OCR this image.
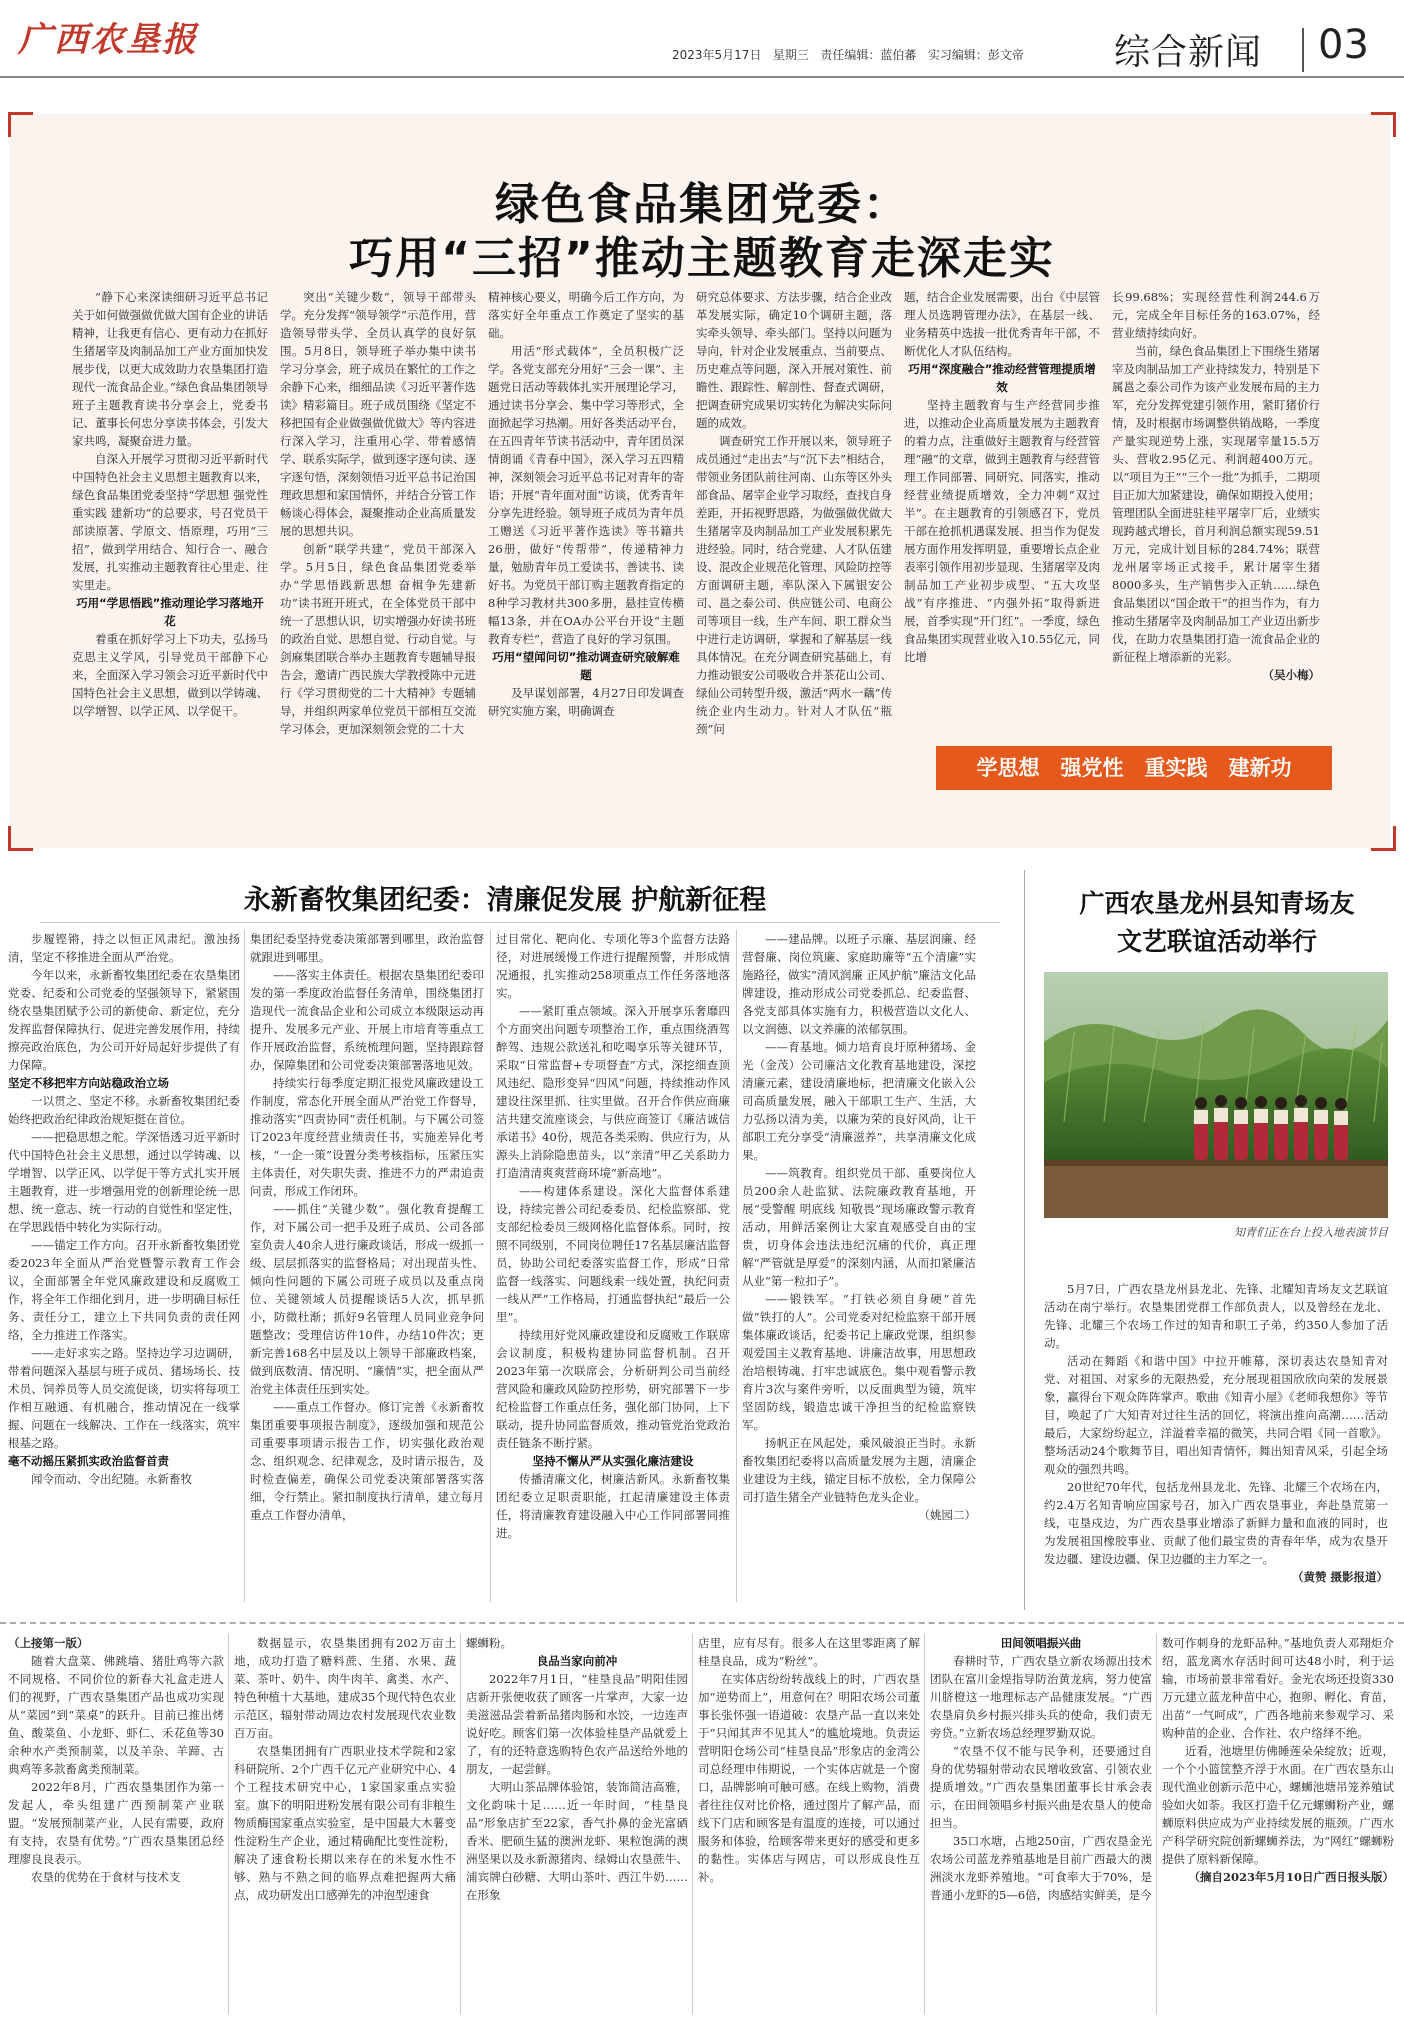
广西农垦报	2023年5月17日 星期三 责任编辑：蓝伯蕃 实习编辑：彭文帝	综合新闻 03
绿色食品集团党委：
巧用“三招”推动主题教育走深走实

“静下心来深读细研习近平总书记关于如何做强做优做大国有企业的讲话精神，让我更有信心、更有动力在抓好生猪屠宰及肉制品加工产业方面加快发展步伐，以更大成效助力农垦集团打造现代一流食品企业。”绿色食品集团领导班子主题教育读书分享会上，党委书记、董事长何忠分享读书体会，引发大家共鸣，凝聚奋进力量。

自深入开展学习贯彻习近平新时代中国特色社会主义思想主题教育以来，绿色食品集团党委坚持“学思想 强党性 重实践 建新功”的总要求，号召党员干部读原著、学原文、悟原理，巧用“三招”，做到学用结合、知行合一、融合发展，扎实推动主题教育往心里走、往实里走。

巧用“学思悟践”推动理论学习落地开花

着重在抓好学习上下功夫，弘扬马克思主义学风，引导党员干部静下心来，全面深入学习领会习近平新时代中国特色社会主义思想，做到以学铸魂、以学增智、以学正风、以学促干。

突出“关键少数”，领导干部带头学。充分发挥“领导领学”示范作用，营造领导带头学、全员认真学的良好氛围。5月8日，领导班子举办集中读书学习分享会，班子成员在繁忙的工作之余静下心来，细细品读《习近平著作选读》精彩篇目。班子成员围绕《坚定不移把国有企业做强做优做大》等内容进行深入学习，注重用心学、带着感情学、联系实际学，做到逐字逐句读、逐字逐句悟，深刻领悟习近平总书记治国理政思想和家国情怀，并结合分管工作畅谈心得体会，凝聚推动企业高质量发展的思想共识。

创新“联学共建”，党员干部深入学。5月5日，绿色食品集团党委举办“学思悟践新思想 奋楫争先建新功”读书班开班式，在全体党员干部中统一了思想认识，切实增强办好读书班的政治自觉、思想自觉、行动自觉。与剑麻集团联合举办主题教育专题辅导报告会，邀请广西民族大学教授陈中元进行《学习贯彻党的二十大精神》专题辅导，并组织两家单位党员干部相互交流学习体会，更加深刻领会党的二十大

精神核心要义，明确今后工作方向，为落实好全年重点工作奠定了坚实的基础。

用活“形式载体”，全员积极广泛学。各党支部充分用好“三会一课”、主题党日活动等载体扎实开展理论学习，通过读书分享会、集中学习等形式，全面掀起学习热潮。用好各类活动平台，在五四青年节读书活动中，青年团员深情朗诵《青春中国》，深入学习五四精神，深刻领会习近平总书记对青年的寄语；开展“青年面对面”访谈，优秀青年分享先进经验。领导班子成员为青年员工赠送《习近平著作选读》等书籍共26册，做好“传帮带”，传递精神力量，勉励青年员工爱读书、善读书、读好书。为党员干部订购主题教育指定的8种学习教材共300多册，悬挂宣传横幅13条，并在OA办公平台开设“主题教育专栏”，营造了良好的学习氛围。

巧用“望闻问切”推动调查研究破解难题

及早谋划部署，4月27日印发调查研究实施方案，明确调查

研究总体要求、方法步骤，结合企业改革发展实际，确定10个调研主题，落实牵头领导、牵头部门。坚持以问题为导向，针对企业发展重点、当前要点、历史难点等问题，深入开展对策性、前瞻性、跟踪性、解剖性、督查式调研，把调查研究成果切实转化为解决实际问题的成效。

调查研究工作开展以来，领导班子成员通过“走出去”与“沉下去”相结合，带领业务团队前往河南、山东等区外头部食品、屠宰企业学习取经，查找自身差距，开拓视野思路，为做强做优做大生猪屠宰及肉制品加工产业发展积累先进经验。同时，结合党建、人才队伍建设、混改企业规范化管理、风险防控等方面调研主题，率队深入下属银安公司、邕之泰公司、供应链公司、电商公司等项目一线，生产车间、职工群众当中进行走访调研，掌握和了解基层一线具体情况。在充分调查研究基础上，有力推动银安公司吸收合并茶花山公司、绿仙公司转型升级，激活“两水一藕”传统企业内生动力。针对人才队伍“瓶颈”问

题，结合企业发展需要，出台《中层管理人员选聘管理办法》，在基层一线、业务精英中选拔一批优秀青年干部，不断优化人才队伍结构。

巧用“深度融合”推动经营管理提质增效

坚持主题教育与生产经营同步推进，以推动企业高质量发展为主题教育的着力点，注重做好主题教育与经营管理“融”的文章，做到主题教育与经营管理工作同部署、同研究、同落实，推动经营业绩提质增效，全力冲刺“双过半”。在主题教育的引领感召下，党员干部在抢抓机遇谋发展、担当作为促发展方面作用发挥明显，重要增长点企业表率引领作用初步显现、生猪屠宰及肉制品加工产业初步成型、“五大攻坚战”有序推进、“内强外拓”取得新进展，首季实现“开门红”。一季度，绿色食品集团实现营业收入10.55亿元，同比增

长99.68%；实现经营性利润244.6万元，完成全年目标任务的163.07%，经营业绩持续向好。

当前，绿色食品集团上下围绕生猪屠宰及肉制品加工产业持续发力，特别是下属邕之泰公司作为该产业发展布局的主力军，充分发挥党建引领作用，紧盯猪价行情，及时根据市场调整供销战略，一季度产量实现逆势上涨，实现屠宰量15.5万头、营收2.95亿元、利润超400万元。以“项目为王”“三个一批”为抓手，二期项目正加大加紧建设，确保如期投入使用；管理团队全面进驻桂平屠宰厂后，业绩实现跨越式增长，首月利润总额实现59.51万元，完成计划目标的284.74%；联营龙州屠宰场正式接手，累计屠宰生猪8000多头，生产销售步入正轨……绿色食品集团以“国企敢干”的担当作为，有力推动生猪屠宰及肉制品加工产业迈出新步伐，在助力农垦集团打造一流食品企业的新征程上增添新的光彩。

（吴小梅）

学思想　强党性　重实践　建新功
永新畜牧集团纪委：清廉促发展 护航新征程

步履铿锵，持之以恒正风肃纪。激浊扬清，坚定不移推进全面从严治党。

今年以来，永新畜牧集团纪委在农垦集团党委、纪委和公司党委的坚强领导下，紧紧围绕农垦集团赋予公司的新使命、新定位，充分发挥监督保障执行、促进完善发展作用，持续擦亮政治底色，为公司开好局起好步提供了有力保障。

坚定不移把牢方向站稳政治立场

一以贯之、坚定不移。永新畜牧集团纪委始终把政治纪律政治规矩挺在首位。

——把稳思想之舵。学深悟透习近平新时代中国特色社会主义思想，通过以学铸魂、以学增智、以学正风、以学促干等方式扎实开展主题教育，进一步增强用党的创新理论统一思想、统一意志、统一行动的自觉性和坚定性，在学思践悟中转化为实际行动。

——锚定工作方向。召开永新畜牧集团党委2023年全面从严治党暨警示教育工作会议，全面部署全年党风廉政建设和反腐败工作，将全年工作细化到月，进一步明确目标任务、责任分工，建立上下共同负责的责任网络，全力推进工作落实。

——走好求实之路。坚持边学习边调研，带着问题深入基层与班子成员、猪场场长、技术员、饲养员等人员交流促谈，切实将每项工作相互融通、有机融合，推动情况在一线掌握、问题在一线解决、工作在一线落实，筑牢根基之路。

毫不动摇压紧抓实政治监督首责

闻令而动、令出纪随。永新畜牧

集团纪委坚持党委决策部署到哪里，政治监督就跟进到哪里。

——落实主体责任。根据农垦集团纪委印发的第一季度政治监督任务清单，围绕集团打造现代一流食品企业和公司成立本级限运动再提升、发展多元产业、开展上市培育等重点工作开展政治监督，系统梳理问题，坚持跟踪督办，保障集团和公司党委决策部署落地见效。

持续实行每季度定期汇报党风廉政建设工作制度，常态化开展全面从严治党工作督导，推动落实“四责协同”责任机制。与下属公司签订2023年度经营业绩责任书，实施差异化考核，“一企一策”设置分类考核指标，压紧压实主体责任，对失职失责、推进不力的严肃追责问责，形成工作闭环。

——抓住“关键少数”。强化教育提醒工作，对下属公司一把手及班子成员、公司各部室负责人40余人进行廉政谈话，形成一级抓一级、层层抓落实的监督格局；对出现苗头性、倾向性问题的下属公司班子成员以及重点岗位、关键领域人员提醒谈话5人次，抓早抓小，防微杜渐；抓好9名管理人员同业竞争问题整改；受理信访件10件，办结10件次；更新完善168名中层及以上领导干部廉政档案，做到底数清、情况明、“廉情”实，把全面从严治党主体责任压到实处。

——重点工作督办。修订完善《永新畜牧集团重要事项报告制度》，逐级加强和规范公司重要事项请示报告工作，切实强化政治观念、组织观念、纪律观念，及时请示报告，及时检查偏差，确保公司党委决策部署落实落细，令行禁止。紧扣制度执行清单，建立每月重点工作督办清单，

过目常化、靶向化、专项化等3个监督方法路径，对进展缓慢工作进行提醒预警，并形成情况通报，扎实推动258项重点工作任务落地落实。

——紧盯重点领域。深入开展享乐奢靡四个方面突出问题专项整治工作，重点围绕酒驾醉驾、违规公款送礼和吃喝享乐等关键环节，采取“日常监督+专项督查”方式，深挖细查顶风违纪、隐形变异“四风”问题，持续推动作风建设往深里抓、往实里做。召开合作供应商廉洁共建交流座谈会，与供应商签订《廉洁诚信承诺书》40份，规范各类采购、供应行为，从源头上消除隐患苗头，以“亲清”甲乙关系助力打造清清爽爽营商环境“新高地”。

——构建体系建设。深化大监督体系建设，持续完善公司纪委委员、纪检监察部、党支部纪检委员三级网格化监督体系。同时，按照不同级别，不同岗位聘任17名基层廉洁监督员，协助公司纪委落实监督工作，形成“日常监督一线落实、问题线索一线处置，执纪问责一线从严”工作格局，打通监督执纪“最后一公里”。

持续用好党风廉政建设和反腐败工作联席会议制度，积极构建协同监督机制。召开2023年第一次联席会，分析研判公司当前经营风险和廉政风险防控形势，研究部署下一步纪检监督工作重点任务，强化部门协同，上下联动，提升协同监督质效，推动管党治党政治责任链条不断拧紧。

坚持不懈从严从实强化廉洁建设

传播清廉文化，树廉洁新风。永新畜牧集团纪委立足职责职能，扛起清廉建设主体责任，将清廉教育建设融入中心工作同部署同推进。

——建品牌。以班子示廉、基层润廉、经营督廉、岗位筑廉、家庭助廉等“五个清廉”实施路径，做实“清风润廉 正风护航”廉洁文化品牌建设，推动形成公司党委抓总、纪委监督、各党支部具体实施有力，积极营造以文化人、以文润德、以文养廉的浓郁氛围。

——育基地。倾力培育良圩原种猪场、金光（金茂）公司廉洁文化教育基地建设，深挖清廉元素，建设清廉地标，把清廉文化嵌入公司高质量发展，融入干部职工生产、生活，大力弘扬以清为美，以廉为荣的良好风尚，让干部职工充分享受“清廉滋养”，共享清廉文化成果。

——筑教育。组织党员干部、重要岗位人员200余人赴监狱、法院廉政教育基地，开展“受警醒 明底线 知敬畏”现场廉政警示教育活动，用鲜活案例让大家直观感受自由的宝贵，切身体会违法违纪沉痛的代价，真正理解“严管就是厚爱”的深刻内涵，从而扣紧廉洁从业“第一粒扣子”。

——锻铁军。“打铁必须自身硬”首先做“铁打的人”。公司党委对纪检监察干部开展集体廉政谈话，纪委书记上廉政党课，组织参观爱国主义教育基地、讲廉洁故事，用思想政治培根铸魂、打牢忠诚底色。集中观看警示教育片3次与案件旁听，以反面典型为镜，筑牢坚固防线，锻造忠诚干净担当的纪检监察铁军。

扬帆正在风起处，乘风破浪正当时。永新畜牧集团纪委将以高质量发展为主题，清廉企业建设为主线，锚定目标不放松，全力保障公司打造生猪全产业链特色龙头企业。

（姚园二）

广西农垦龙州县知青场友
文艺联谊活动举行
知青们正在台上投入地表演节目

5月7日，广西农垦龙州县龙北、先锋、北耀知青场友文艺联谊活动在南宁举行。农垦集团党群工作部负责人，以及曾经在龙北、先锋、北耀三个农场工作过的知青和职工子弟，约350人参加了活动。

活动在舞蹈《和谐中国》中拉开帷幕，深切表达农垦知青对党、对祖国、对家乡的无限热爱，充分展现祖国欣欣向荣的发展景象，赢得台下观众阵阵掌声。歌曲《知青小屋》《老师我想你》等节目，唤起了广大知青对过往生活的回忆，将演出推向高潮……活动最后，大家纷纷起立，洋溢着幸福的微笑，共同合唱《同一首歌》。整场活动24个歌舞节目，唱出知青情怀，舞出知青风采，引起全场观众的强烈共鸣。

20世纪70年代，包括龙州县龙北、先锋、北耀三个农场在内，约2.4万名知青响应国家号召，加入广西农垦事业，奔赴垦荒第一线，屯垦戍边，为广西农垦事业增添了新鲜力量和血液的同时，也为发展祖国橡胶事业、贡献了他们最宝贵的青春年华，成为农垦开发边疆、建设边疆、保卫边疆的主力军之一。

（黄赞 摄影报道）

（上接第一版）

随着大盘菜、佛跳墙、猪肚鸡等六款不同规格、不同价位的新春大礼盒走进人们的视野，广西农垦集团产品也成功实现从“菜园”到“菜桌”的跃升。目前已推出烤鱼、酸菜鱼、小龙虾、虾仁、禾花鱼等30余种水产类预制菜，以及羊杂、羊蹄、古典鸡等多款畜禽类预制菜。

2022年8月，广西农垦集团作为第一发起人，牵头组建广西预制菜产业联盟。“发展预制菜产业，人民有需要，政府有支持，农垦有优势。”广西农垦集团总经理廖良良表示。

农垦的优势在于食材与技术支

数据显示，农垦集团拥有202万亩土地，成功打造了糖料蔗、生猪、水果、蔬菜、茶叶、奶牛、肉牛肉羊、禽类、水产、特色种植十大基地，建成35个现代特色农业示范区，辐射带动周边农村发展现代农业数百万亩。

农垦集团拥有广西职业技术学院和2家科研院所、2个广西千亿元产业研究中心、4个工程技术研究中心，1家国家重点实验室。旗下的明阳进粉发展有限公司有非粮生物质酶国家重点实验室，是中国最大木薯变性淀粉生产企业，通过精确配比变性淀粉，解决了速食粉长期以来存在的米复水性不够、熟与不熟之间的临界点难把握两大痛点，成功研发出口感弹先的冲泡型速食

螺蛳粉。

良品当家向前冲

2022年7月1日，“桂垦良品”明阳佳园店新开张便收获了顾客一片掌声，大家一边美滋滋品尝着新品猪肉肠和水饺，一边连声说好吃。顾客们第一次体验桂垦产品就爱上了，有的还特意选购特色农产品送给外地的朋友，一起尝鲜。

大明山茶品牌体验馆，装饰简洁高雅，文化韵味十足……近一年时间，“桂垦良品”形象店扩至22家，香气扑鼻的金光富硒香米、肥硕生猛的澳洲龙虾、果粒饱满的澳洲坚果以及永新源猪肉、绿姆山农垦蔗牛、浦宾牌白砂糖、大明山茶叶、西江牛奶……在形象

店里，应有尽有。很多人在这里零距离了解桂垦良品，成为“粉丝”。

在实体店纷纷转战线上的时，广西农垦加“逆势而上”，用意何在？明阳农场公司董事长张怀强一语道破：农垦产品一直以来处于“只闻其声不见其人”的尴尬境地。负责运营明阳仓场公司“桂垦良品”形象店的金湾公司总经理申伟期说，一个实体店就是一个窗口，品牌影响可触可感。在线上购物，消费者往往仅对比价格，通过图片了解产品，而线下门店和顾客是有温度的连接，可以通过服务和体验，给顾客带来更好的感受和更多的黏性。实体店与网店，可以形成良性互补。

田间领唱振兴曲

春耕时节，广西农垦立新农场源出技术团队在富川金煌指导防治黄龙病，努力使富川脐橙这一地理标志产品健康发展。“广西农垦肩负乡村振兴排头兵的使命，我们责无旁贷。”立新农场总经理罗勤双说。

“农垦不仅不能与民争利，还要通过自身的优势辐射带动农民增收致富、引领农业提质增效。”广西农垦集团董事长甘承会表示，在田间领唱乡村振兴曲是农垦人的使命担当。

35口水塘，占地250亩，广西农垦金光农场公司蓝龙养殖基地是目前广西最大的澳洲淡水龙虾养殖地。“可食率大于70%，是普通小龙虾的5—6倍，肉感结实鲜美，是今

数可作刺身的龙虾品种。”基地负责人邓翔炬介绍，蓝龙离水存活时间可达48小时，利于运输，市场前景非常看好。金光农场还投资330万元建立蓝龙种苗中心，抱卵、孵化、育苗，出苗“一气呵成”，广西各地前来参观学习、采购种苗的企业、合作社、农户络绎不绝。

近看，池塘里仿佛睡莲朵朵绽放；近观，一个个小篮筐整齐浮于水面。在广西农垦东山现代渔业创新示范中心，螺蛳池塘吊笼养殖试验如火如荼。我区打造千亿元螺蛳粉产业，螺蛳原料供应成为产业持续发展的瓶颈。广西水产科学研究院创新螺蛳养法，为“网红”螺蛳粉提供了原料新保障。

（摘自2023年5月10日广西日报头版）
